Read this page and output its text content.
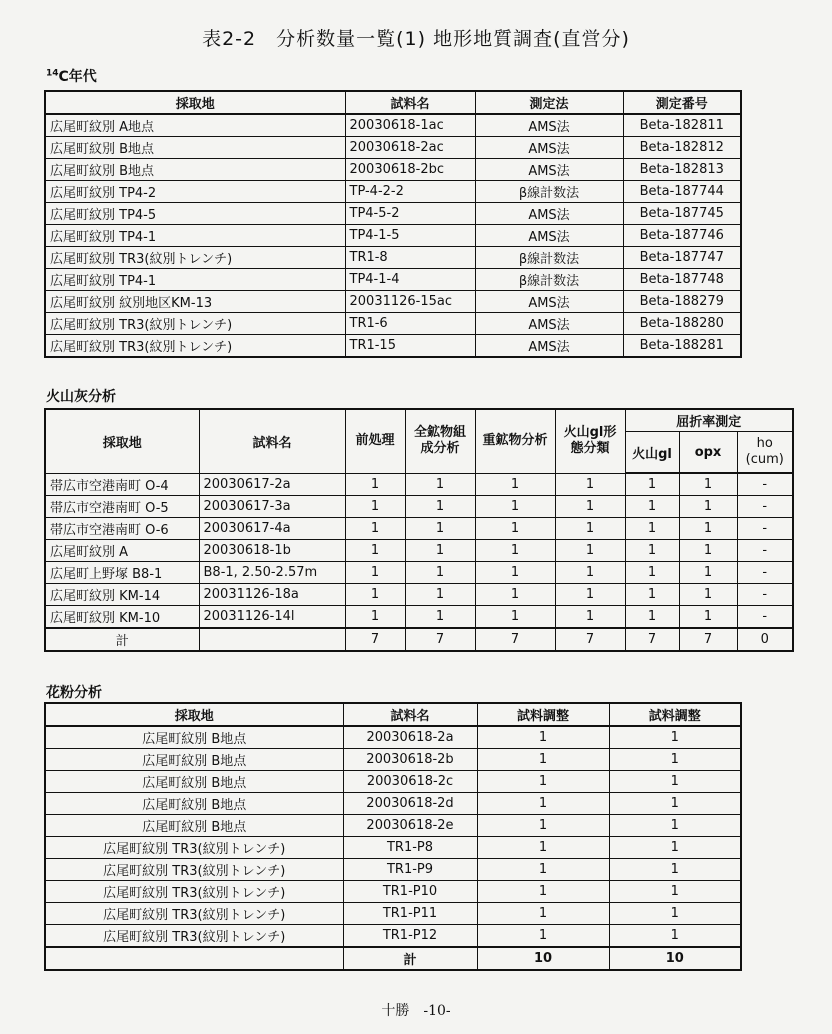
表2-2　分析数量一覧(1) 地形地質調査(直営分)
$^{14}$C年代
採取地	試料名	測定法	測定番号
広尾町紋別 A地点	20030618-1ac	AMS法	Beta-182811
広尾町紋別 B地点	20030618-2ac	AMS法	Beta-182812
広尾町紋別 B地点	20030618-2bc	AMS法	Beta-182813
広尾町紋別 TP4-2	TP-4-2-2	β線計数法	Beta-187744
広尾町紋別 TP4-5	TP4-5-2	AMS法	Beta-187745
広尾町紋別 TP4-1	TP4-1-5	AMS法	Beta-187746
広尾町紋別 TR3(紋別トレンチ)	TR1-8	β線計数法	Beta-187747
広尾町紋別 TP4-1	TP4-1-4	β線計数法	Beta-187748
広尾町紋別 紋別地区KM-13	20031126-15ac	AMS法	Beta-188279
広尾町紋別 TR3(紋別トレンチ)	TR1-6	AMS法	Beta-188280
広尾町紋別 TR3(紋別トレンチ)	TR1-15	AMS法	Beta-188281
火山灰分析
採取地	試料名	前処理	全鉱物組成分析	重鉱物分析	火山gl形態分類	屈折率測定		
						火山gl	opx	ho (cum)
帯広市空港南町 O-4	20030617-2a	1	1	1	1	1	1	-
帯広市空港南町 O-5	20030617-3a	1	1	1	1	1	1	-
帯広市空港南町 O-6	20030617-4a	1	1	1	1	1	1	-
広尾町紋別 A	20030618-1b	1	1	1	1	1	1	-
広尾町上野塚 B8-1	B8-1, 2.50-2.57m	1	1	1	1	1	1	-
広尾町紋別 KM-14	20031126-18a	1	1	1	1	1	1	-
広尾町紋別 KM-10	20031126-14l	1	1	1	1	1	1	-
計		7	7	7	7	7	7	0
花粉分析
採取地	試料名	試料調整	試料調整
広尾町紋別 B地点	20030618-2a	1	1
広尾町紋別 B地点	20030618-2b	1	1
広尾町紋別 B地点	20030618-2c	1	1
広尾町紋別 B地点	20030618-2d	1	1
広尾町紋別 B地点	20030618-2e	1	1
広尾町紋別 TR3(紋別トレンチ)	TR1-P8	1	1
広尾町紋別 TR3(紋別トレンチ)	TR1-P9	1	1
広尾町紋別 TR3(紋別トレンチ)	TR1-P10	1	1
広尾町紋別 TR3(紋別トレンチ)	TR1-P11	1	1
広尾町紋別 TR3(紋別トレンチ)	TR1-P12	1	1
	計	10	10
十勝　-10-
